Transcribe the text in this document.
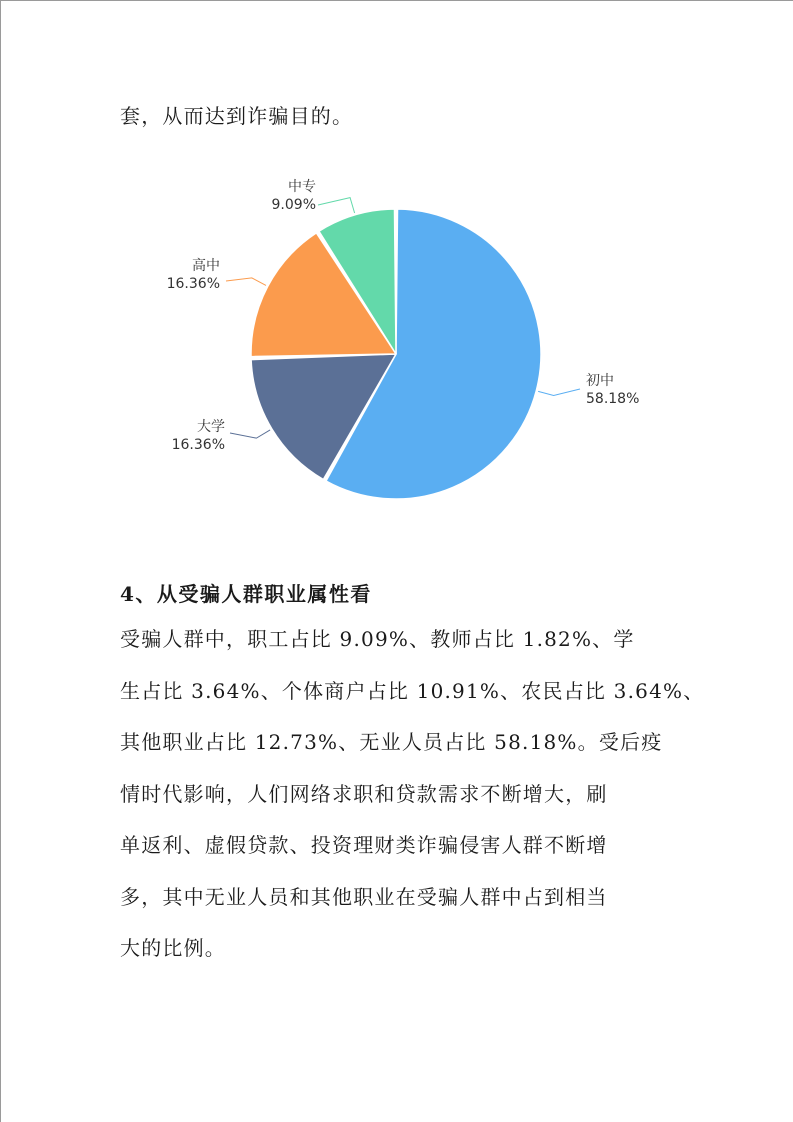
套，从而达到诈骗目的。
初中
58.18%
大学
16.36%
高中
16.36%
中专
9.09%
4、从受骗人群职业属性看
受骗人群中，职工占比 9.09%、教师占比 1.82%、学
生占比 3.64%、个体商户占比 10.91%、农民占比 3.64%、
其他职业占比 12.73%、无业人员占比 58.18%。受后疫
情时代影响，人们网络求职和贷款需求不断增大，刷
单返利、虚假贷款、投资理财类诈骗侵害人群不断增
多，其中无业人员和其他职业在受骗人群中占到相当
大的比例。
